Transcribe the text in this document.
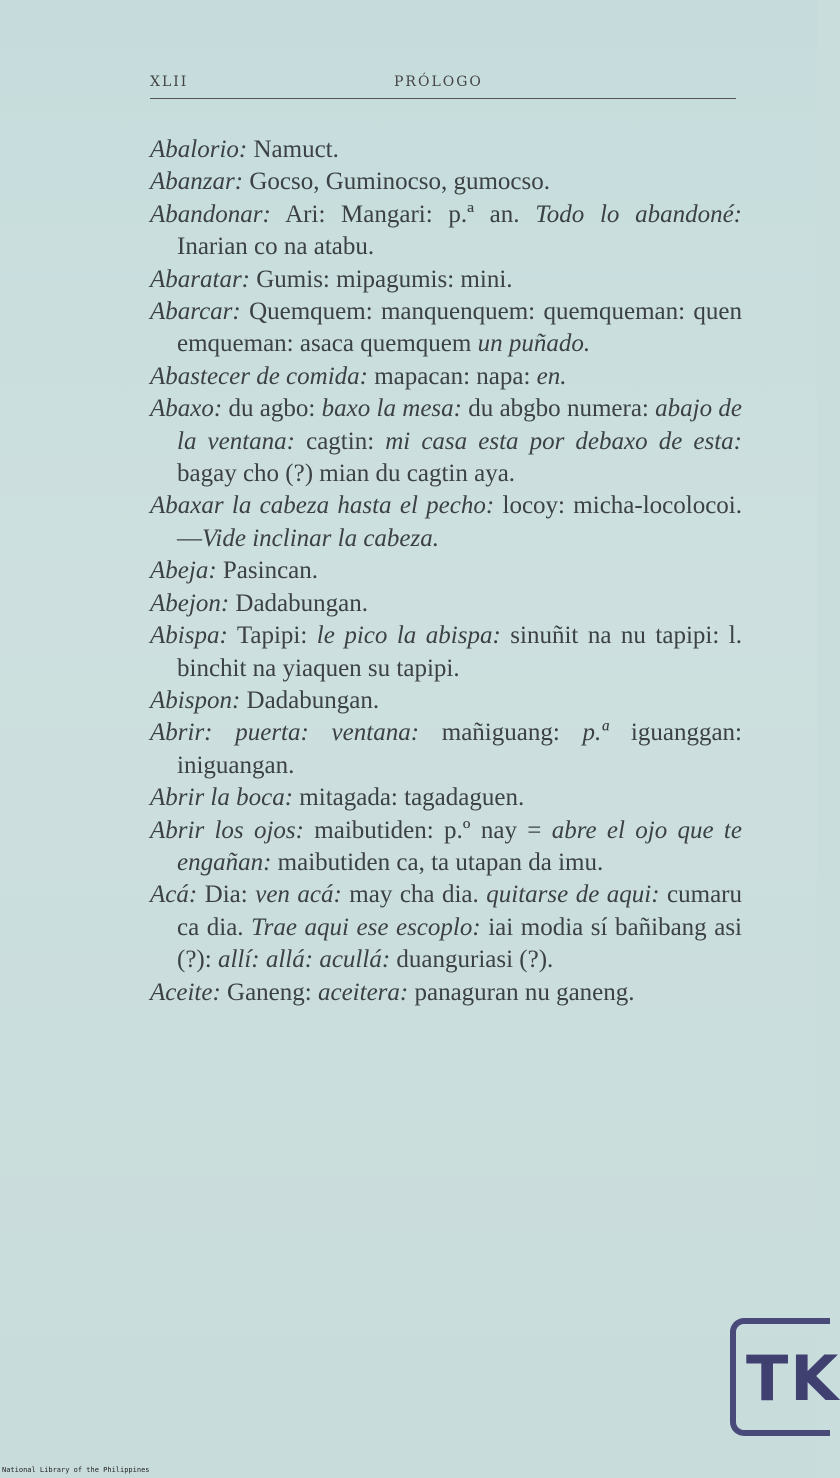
XLII	PRÓLOGO

Abalorio: Namuct.

Abanzar: Gocso, Guminocso, gumocso.

Abandonar: Ari: Mangari: p.ª an. Todo lo abandoné: Inarian co na atabu.

Abaratar: Gumis: mipagumis: mini.

Abarcar: Quemquem: manquenquem: quemqueman: quen emqueman: asaca quemquem un puñado.

Abastecer de comida: mapacan: napa: en.

Abaxo: du agbo: baxo la mesa: du abgbo numera: abajo de la ventana: cagtin: mi casa esta por debaxo de esta: bagay cho (?) mian du cagtin aya.

Abaxar la cabeza hasta el pecho: locoy: micha-locolocoi.—Vide inclinar la cabeza.

Abeja: Pasincan.

Abejon: Dadabungan.

Abispa: Tapipi: le pico la abispa: sinuñit na nu tapipi: l. binchit na yiaquen su tapipi.

Abispon: Dadabungan.

Abrir: puerta: ventana: mañiguang: p.ª iguanggan: iniguangan.

Abrir la boca: mitagada: tagadaguen.

Abrir los ojos: maibutiden: p.º nay = abre el ojo que te engañan: maibutiden ca, ta utapan da imu.

Acá: Dia: ven acá: may cha dia. quitarse de aqui: cumaru ca dia. Trae aqui ese escoplo: iai modia sí bañibang asi (?): allí: allá: acullá: duanguriasi (?).

Aceite: Ganeng: aceitera: panaguran nu ganeng.

TK
National Library of the Philippines
